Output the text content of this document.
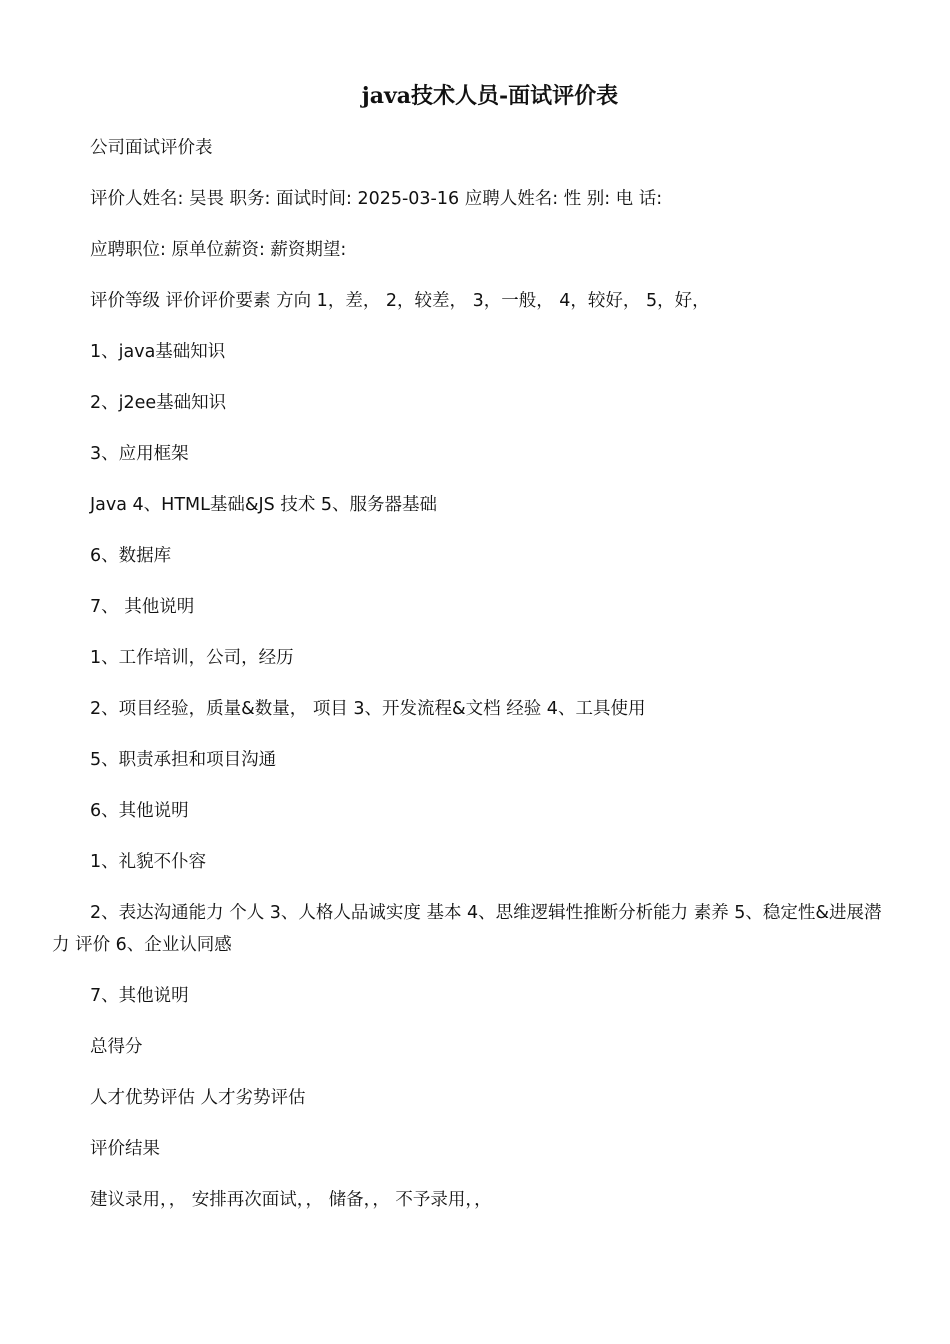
java技术人员-面试评价表

公司面试评价表

评价人姓名: 吴畏 职务: 面试时间: 2025-03-16 应聘人姓名: 性 别: 电 话:

应聘职位: 原单位薪资: 薪资期望:

评价等级 评价评价要素 方向 1，差， 2，较差， 3，一般， 4，较好， 5，好，

1、java基础知识

2、j2ee基础知识

3、应用框架

Java 4、HTML基础&JS 技术 5、服务器基础

6、数据库

7、 其他说明

1、工作培训，公司，经历

2、项目经验，质量&数量， 项目 3、开发流程&文档 经验 4、工具使用

5、职责承担和项目沟通

6、其他说明

1、礼貌不仆容

2、表达沟通能力 个人 3、人格人品诚实度 基本 4、思维逻辑性推断分析能力 素养 5、稳定性&进展潜力 评价 6、企业认同感

7、其他说明

总得分

人才优势评估 人才劣势评估

评价结果

建议录用，， 安排再次面试，， 储备，， 不予录用，，
